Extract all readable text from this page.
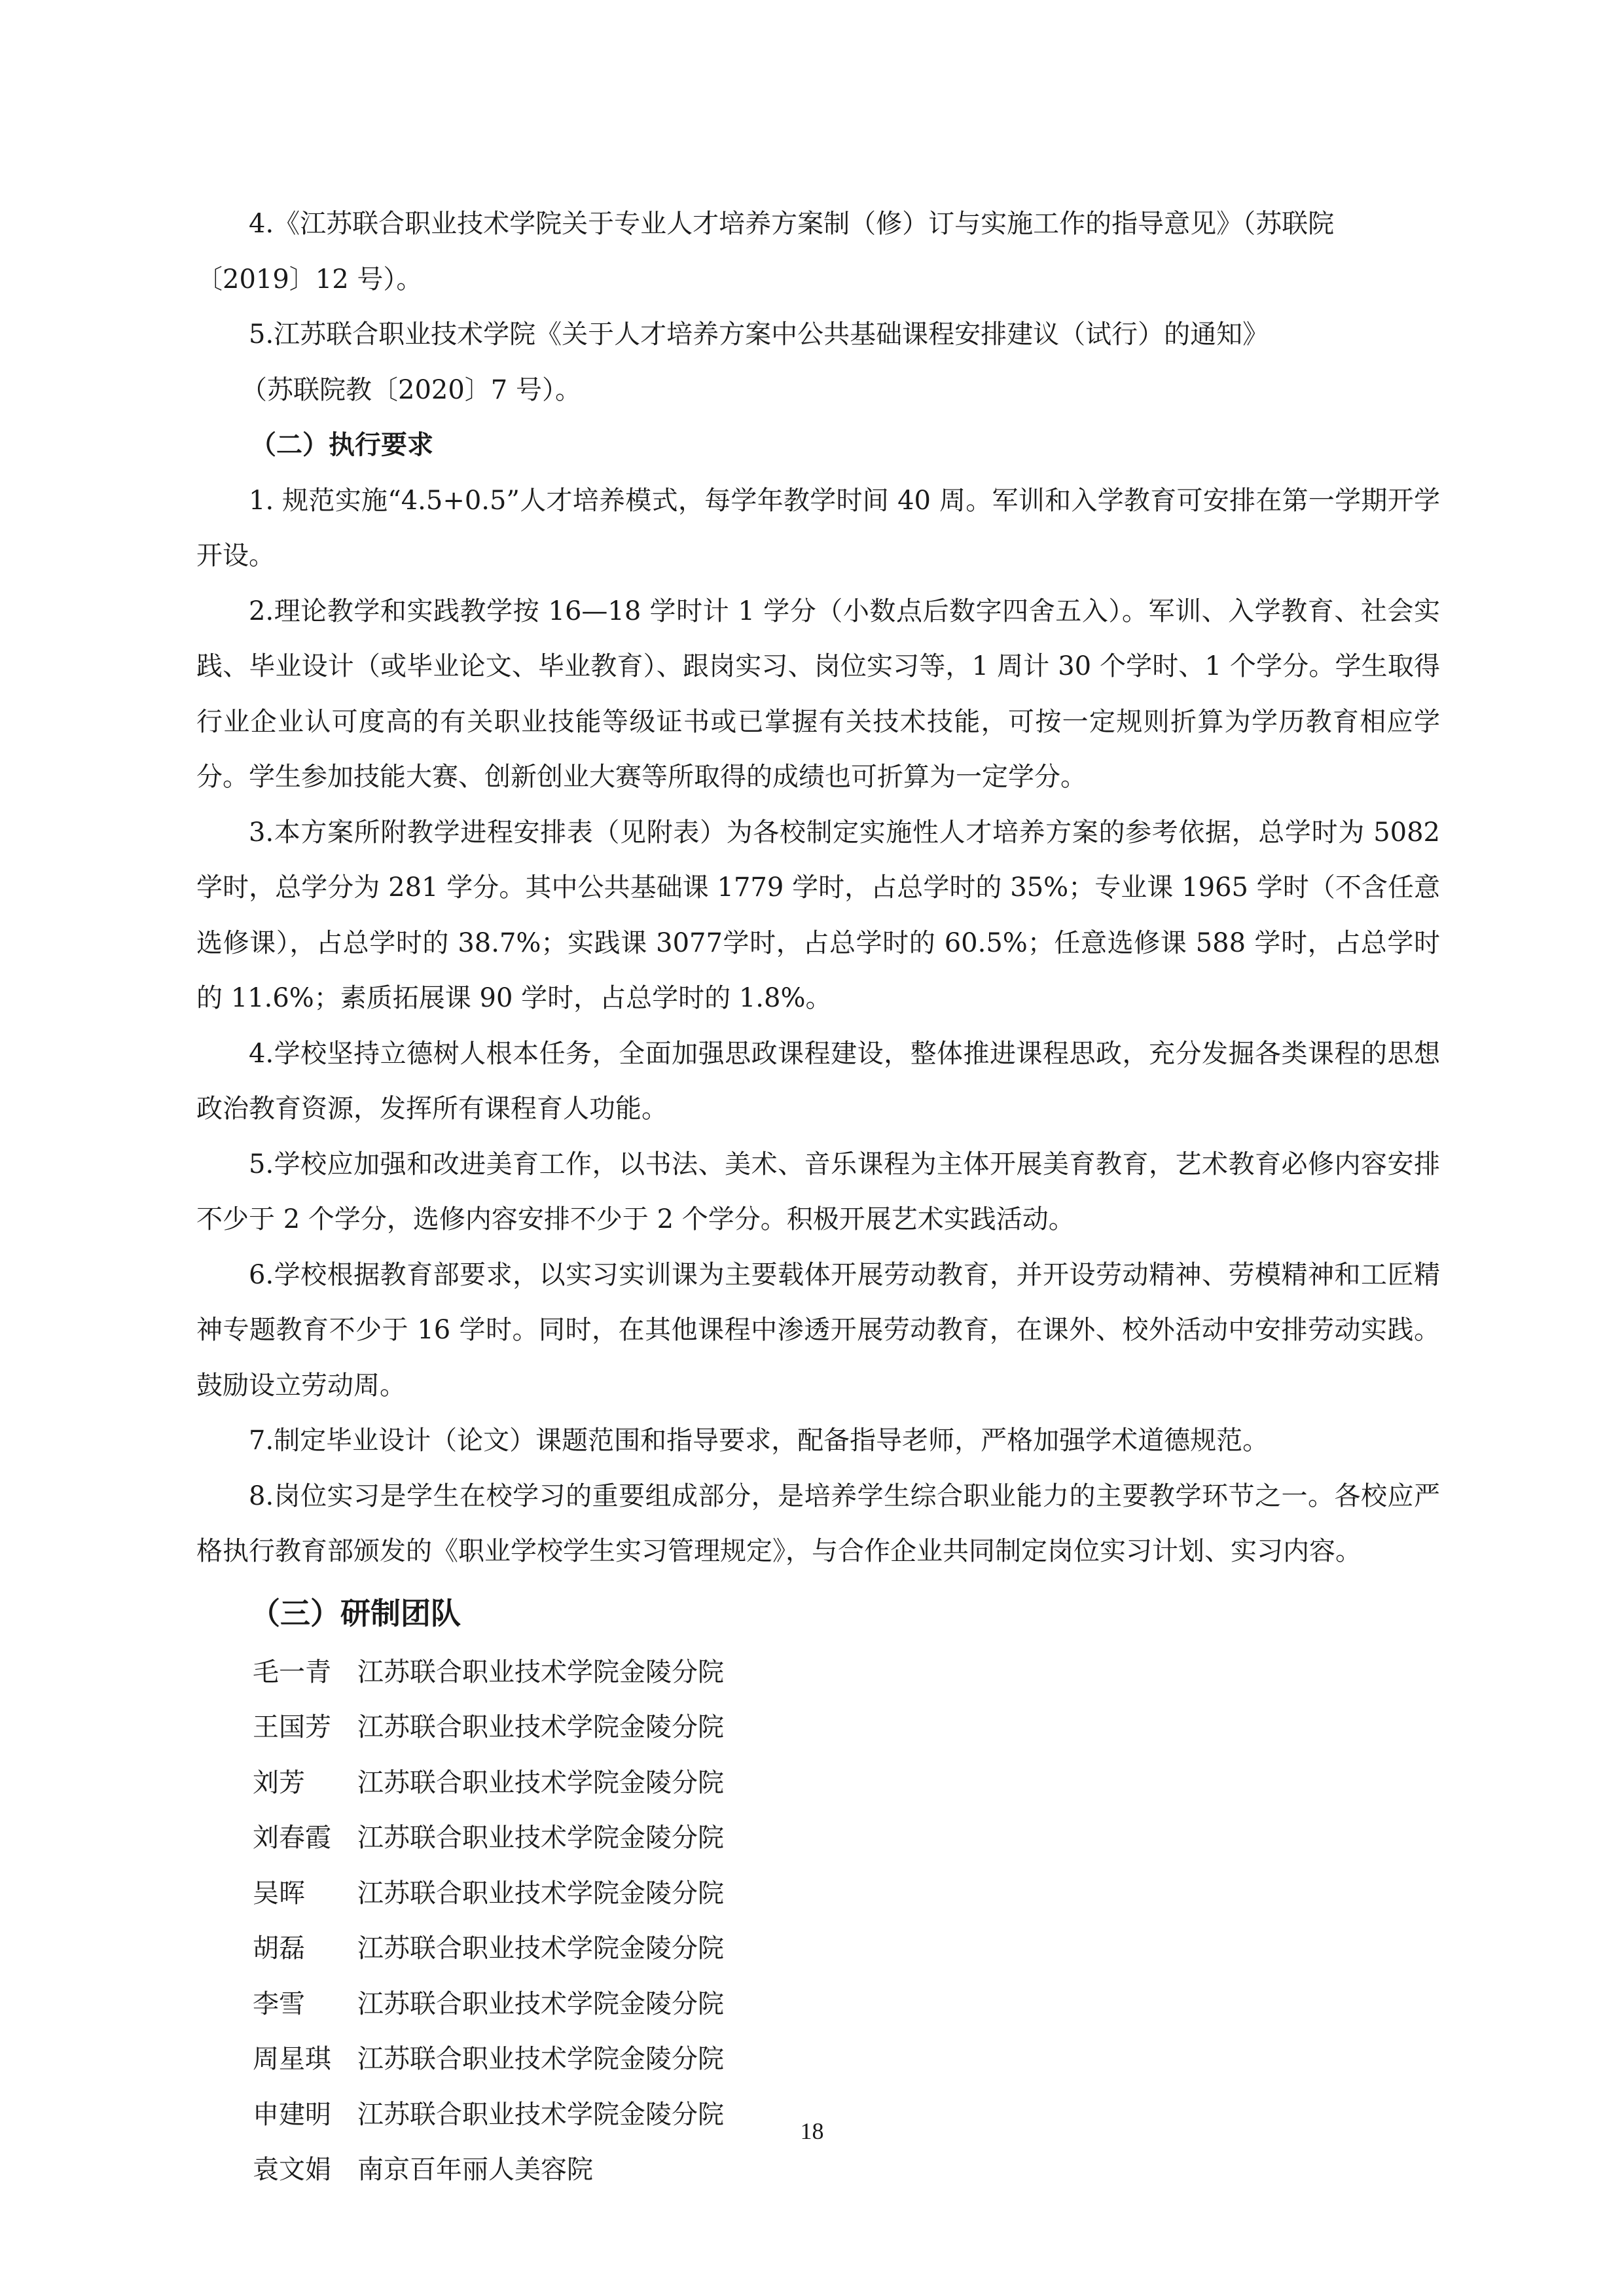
4.《江苏联合职业技术学院关于专业人才培养方案制（修）订与实施工作的指导意见》（苏联院
〔2019〕12 号）。

5.江苏联合职业技术学院《关于人才培养方案中公共基础课程安排建议（试行）的通知》
（苏联院教〔2020〕7 号）。

（二）执行要求

1. 规范实施“4.5+0.5”人才培养模式，每学年教学时间 40 周。军训和入学教育可安排在第一学期开学开设。

2.理论教学和实践教学按 16—18 学时计 1 学分（小数点后数字四舍五入）。军训、入学教育、社会实践、毕业设计（或毕业论文、毕业教育）、跟岗实习、岗位实习等，1 周计 30 个学时、1 个学分。学生取得行业企业认可度高的有关职业技能等级证书或已掌握有关技术技能，可按一定规则折算为学历教育相应学分。学生参加技能大赛、创新创业大赛等所取得的成绩也可折算为一定学分。

3.本方案所附教学进程安排表（见附表）为各校制定实施性人才培养方案的参考依据，总学时为 5082 学时，总学分为 281 学分。其中公共基础课 1779 学时，占总学时的 35%；专业课 1965 学时（不含任意选修课），占总学时的 38.7%；实践课 3077学时，占总学时的 60.5%；任意选修课 588 学时，占总学时的 11.6%；素质拓展课 90 学时，占总学时的 1.8%。

4.学校坚持立德树人根本任务，全面加强思政课程建设，整体推进课程思政，充分发掘各类课程的思想政治教育资源，发挥所有课程育人功能。

5.学校应加强和改进美育工作，以书法、美术、音乐课程为主体开展美育教育，艺术教育必修内容安排不少于 2 个学分，选修内容安排不少于 2 个学分。积极开展艺术实践活动。

6.学校根据教育部要求，以实习实训课为主要载体开展劳动教育，并开设劳动精神、劳模精神和工匠精神专题教育不少于 16 学时。同时，在其他课程中渗透开展劳动教育，在课外、校外活动中安排劳动实践。鼓励设立劳动周。

7.制定毕业设计（论文）课题范围和指导要求，配备指导老师，严格加强学术道德规范。

8.岗位实习是学生在校学习的重要组成部分，是培养学生综合职业能力的主要教学环节之一。各校应严格执行教育部颁发的《职业学校学生实习管理规定》，与合作企业共同制定岗位实习计划、实习内容。

（三）研制团队
毛一青	江苏联合职业技术学院金陵分院
王国芳	江苏联合职业技术学院金陵分院
刘芳	江苏联合职业技术学院金陵分院
刘春霞	江苏联合职业技术学院金陵分院
吴晖	江苏联合职业技术学院金陵分院
胡磊	江苏联合职业技术学院金陵分院
李雪	江苏联合职业技术学院金陵分院
周星琪	江苏联合职业技术学院金陵分院
申建明	江苏联合职业技术学院金陵分院
袁文娟	南京百年丽人美容院
18
